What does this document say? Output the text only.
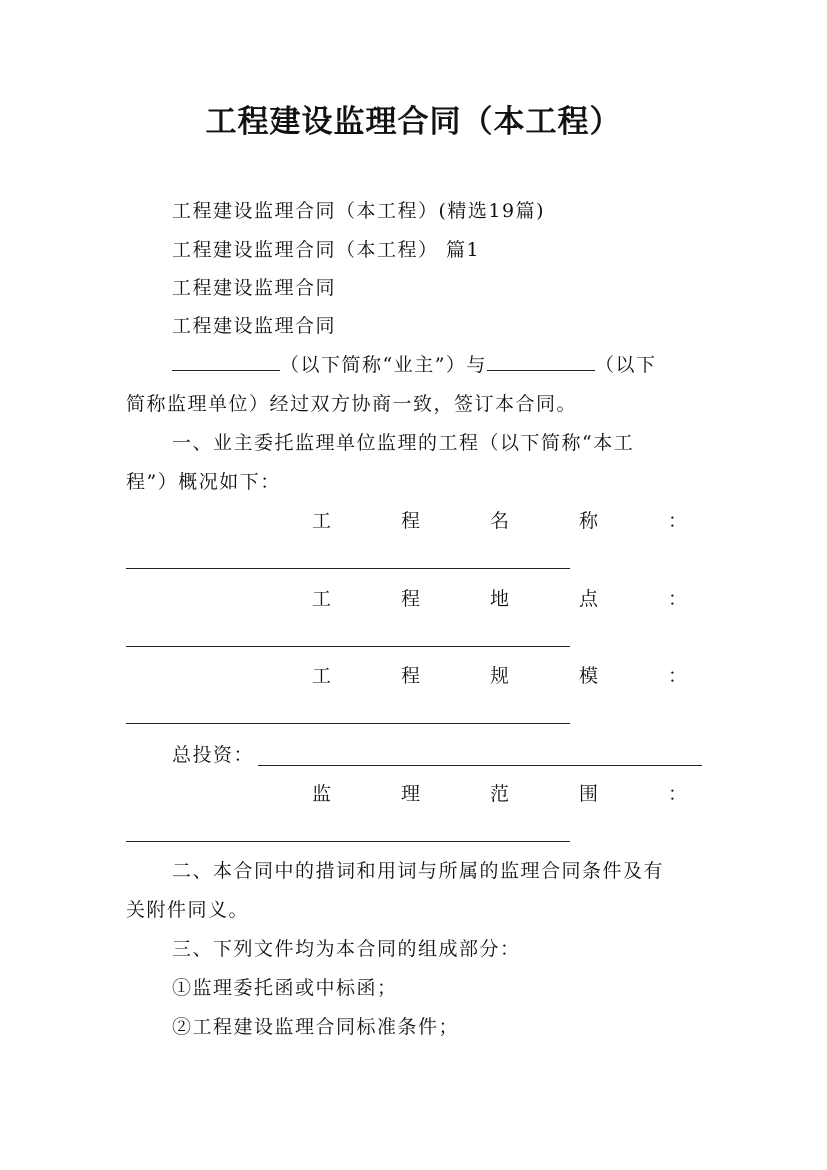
工程建设监理合同（本工程）
工程建设监理合同（本工程）(精选19篇)
工程建设监理合同（本工程） 篇1
工程建设监理合同
工程建设监理合同
（以下简称“业主”）与	（以下
简称监理单位）经过双方协商一致，签订本合同。
一、业主委托监理单位监理的工程（以下简称“本工
程”）概况如下：
工	程	名	称	：
工	程	地	点	：
工	程	规	模	：
总投资：
监	理	范	围	：
二、本合同中的措词和用词与所属的监理合同条件及有
关附件同义。
三、下列文件均为本合同的组成部分：
①监理委托函或中标函；
②工程建设监理合同标准条件；
